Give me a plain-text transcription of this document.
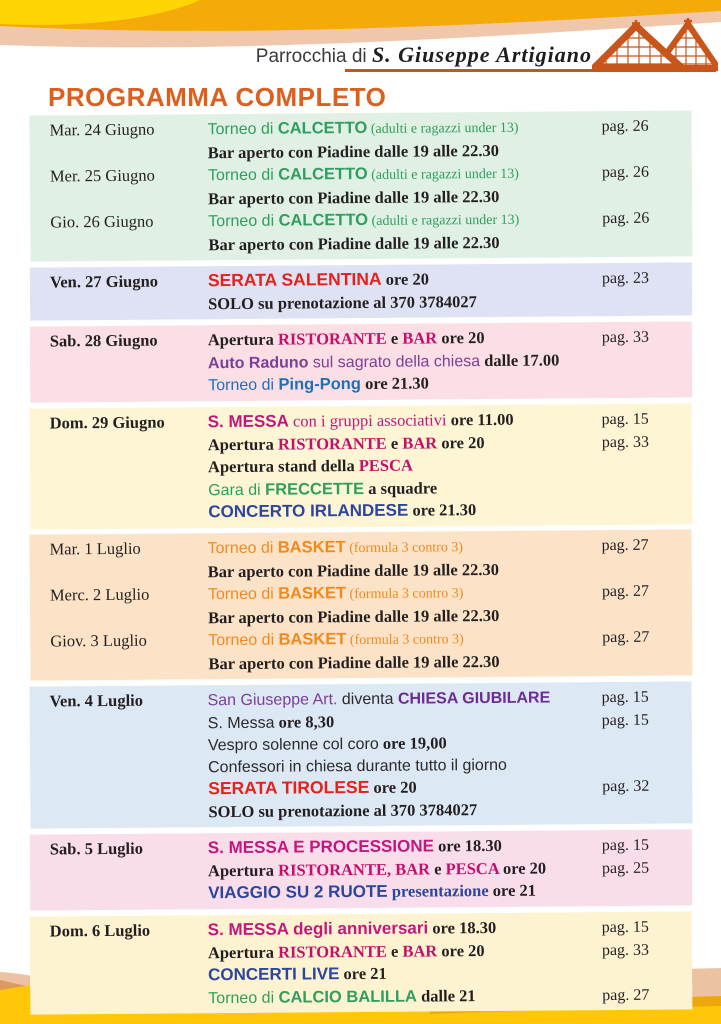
Parrocchia di S. Giuseppe Artigiano
PROGRAMMA COMPLETO
Mar. 24 Giugno	Torneo di CALCETTO (adulti e ragazzi under 13)	pag. 26
Bar aperto con Piadine dalle 19 alle 22.30
Mer. 25 Giugno	Torneo di CALCETTO (adulti e ragazzi under 13)	pag. 26
Bar aperto con Piadine dalle 19 alle 22.30
Gio. 26 Giugno	Torneo di CALCETTO (adulti e ragazzi under 13)	pag. 26
Bar aperto con Piadine dalle 19 alle 22.30
Ven. 27 Giugno	SERATA SALENTINA ore 20	pag. 23
SOLO su prenotazione al 370 3784027
Sab. 28 Giugno	Apertura RISTORANTE e BAR ore 20	pag. 33
Auto Raduno sul sagrato della chiesa dalle 17.00
Torneo di Ping-Pong ore 21.30
Dom. 29 Giugno	S. MESSA con i gruppi associativi ore 11.00	pag. 15
Apertura RISTORANTE e BAR ore 20	pag. 33
Apertura stand della PESCA
Gara di FRECCETTE a squadre
CONCERTO IRLANDESE ore 21.30
Mar. 1 Luglio	Torneo di BASKET (formula 3 contro 3)	pag. 27
Bar aperto con Piadine dalle 19 alle 22.30
Merc. 2 Luglio	Torneo di BASKET (formula 3 contro 3)	pag. 27
Bar aperto con Piadine dalle 19 alle 22.30
Giov. 3 Luglio	Torneo di BASKET (formula 3 contro 3)	pag. 27
Bar aperto con Piadine dalle 19 alle 22.30
Ven. 4 Luglio	San Giuseppe Art. diventa CHIESA GIUBILARE	pag. 15
S. Messa ore 8,30	pag. 15
Vespro solenne col coro ore 19,00
Confessori in chiesa durante tutto il giorno
SERATA TIROLESE ore 20	pag. 32
SOLO su prenotazione al 370 3784027
Sab. 5 Luglio	S. MESSA E PROCESSIONE ore 18.30	pag. 15
Apertura RISTORANTE, BAR e PESCA ore 20	pag. 25
VIAGGIO SU 2 RUOTE presentazione ore 21
Dom. 6 Luglio	S. MESSA degli anniversari ore 18.30	pag. 15
Apertura RISTORANTE e BAR ore 20	pag. 33
CONCERTI LIVE ore 21
Torneo di CALCIO BALILLA dalle 21	pag. 27
